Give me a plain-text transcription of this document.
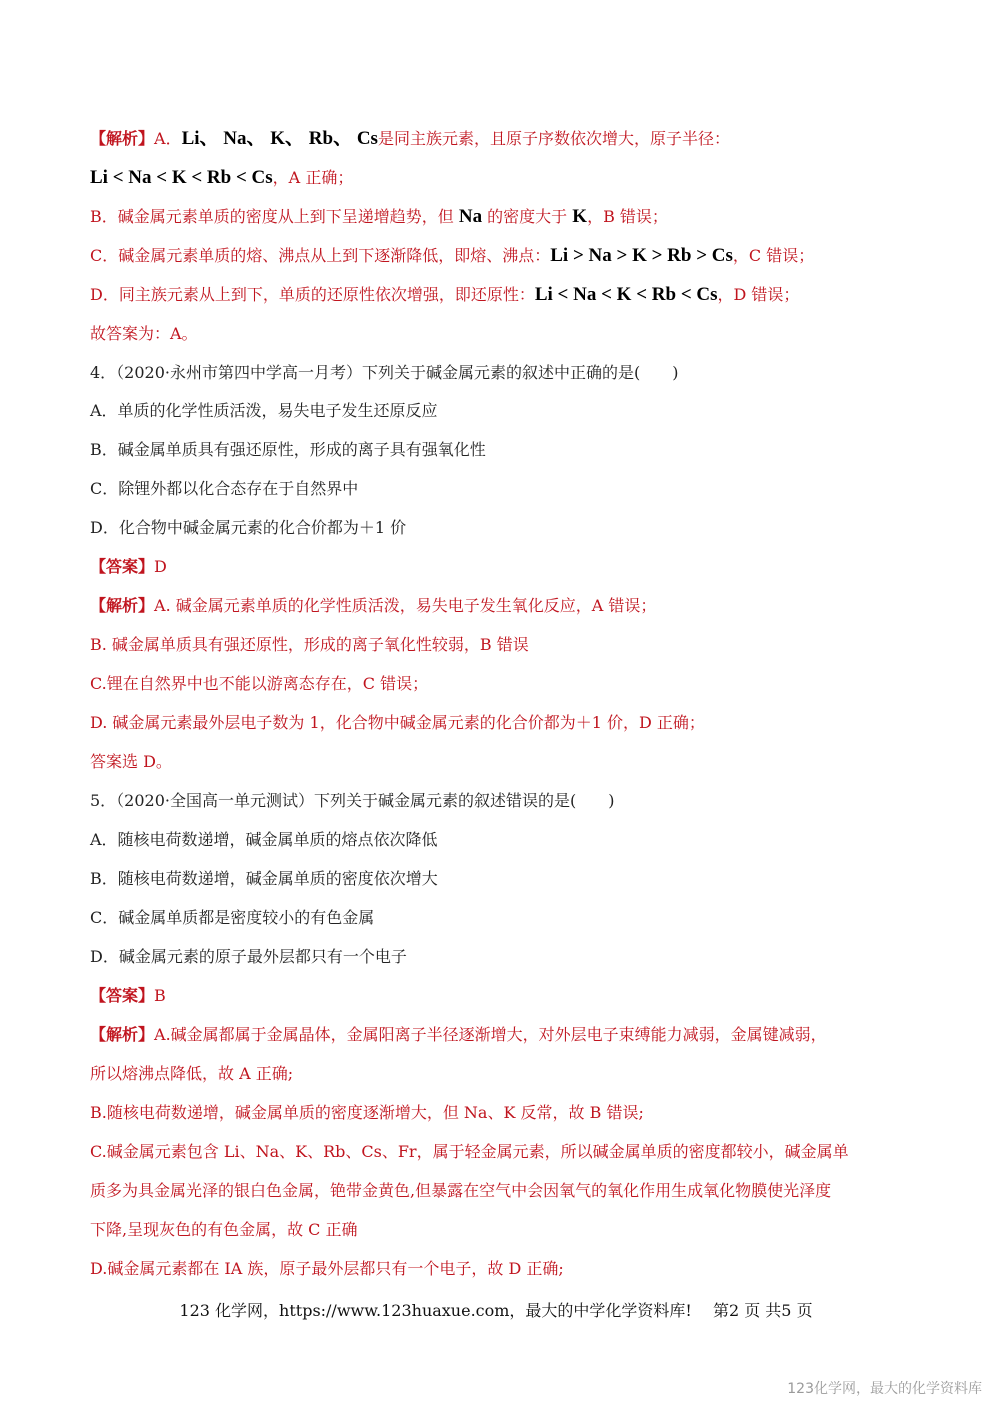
【解析】A．Li、 Na、 K、 Rb、 Cs是同主族元素，且原子序数依次增大，原子半径：
Li < Na < K < Rb < Cs，A 正确；
B．碱金属元素单质的密度从上到下呈递增趋势，但 Na 的密度大于 K，B 错误；
C．碱金属元素单质的熔、沸点从上到下逐渐降低，即熔、沸点：Li > Na > K > Rb > Cs，C 错误；
D．同主族元素从上到下，单质的还原性依次增强，即还原性：Li < Na < K < Rb < Cs，D 错误；
故答案为：A。
4．（2020·永州市第四中学高一月考）下列关于碱金属元素的叙述中正确的是(　　)
A．单质的化学性质活泼，易失电子发生还原反应
B．碱金属单质具有强还原性，形成的离子具有强氧化性
C．除锂外都以化合态存在于自然界中
D．化合物中碱金属元素的化合价都为＋1 价
【答案】D
【解析】A. 碱金属元素单质的化学性质活泼，易失电子发生氧化反应，A 错误；
B. 碱金属单质具有强还原性，形成的离子氧化性较弱，B 错误
C.锂在自然界中也不能以游离态存在，C 错误；
D. 碱金属元素最外层电子数为 1，化合物中碱金属元素的化合价都为＋1 价，D 正确；
答案选 D。
5．（2020·全国高一单元测试）下列关于碱金属元素的叙述错误的是(　　)
A．随核电荷数递增，碱金属单质的熔点依次降低
B．随核电荷数递增，碱金属单质的密度依次增大
C．碱金属单质都是密度较小的有色金属
D．碱金属元素的原子最外层都只有一个电子
【答案】B
【解析】A.碱金属都属于金属晶体，金属阳离子半径逐渐增大，对外层电子束缚能力减弱，金属键减弱，
所以熔沸点降低，故 A 正确;
B.随核电荷数递增，碱金属单质的密度逐渐增大，但 Na、K 反常，故 B 错误;
C.碱金属元素包含 Li、Na、K、Rb、Cs、Fr，属于轻金属元素，所以碱金属单质的密度都较小，碱金属单
质多为具金属光泽的银白色金属，铯带金黄色,但暴露在空气中会因氧气的氧化作用生成氧化物膜使光泽度
下降,呈现灰色的有色金属，故 C 正确
D.碱金属元素都在 IA 族，原子最外层都只有一个电子，故 D 正确;
123 化学网，https://www.123huaxue.com，最大的中学化学资料库!　 第2 页 共5 页
123化学网，最大的化学资料库
